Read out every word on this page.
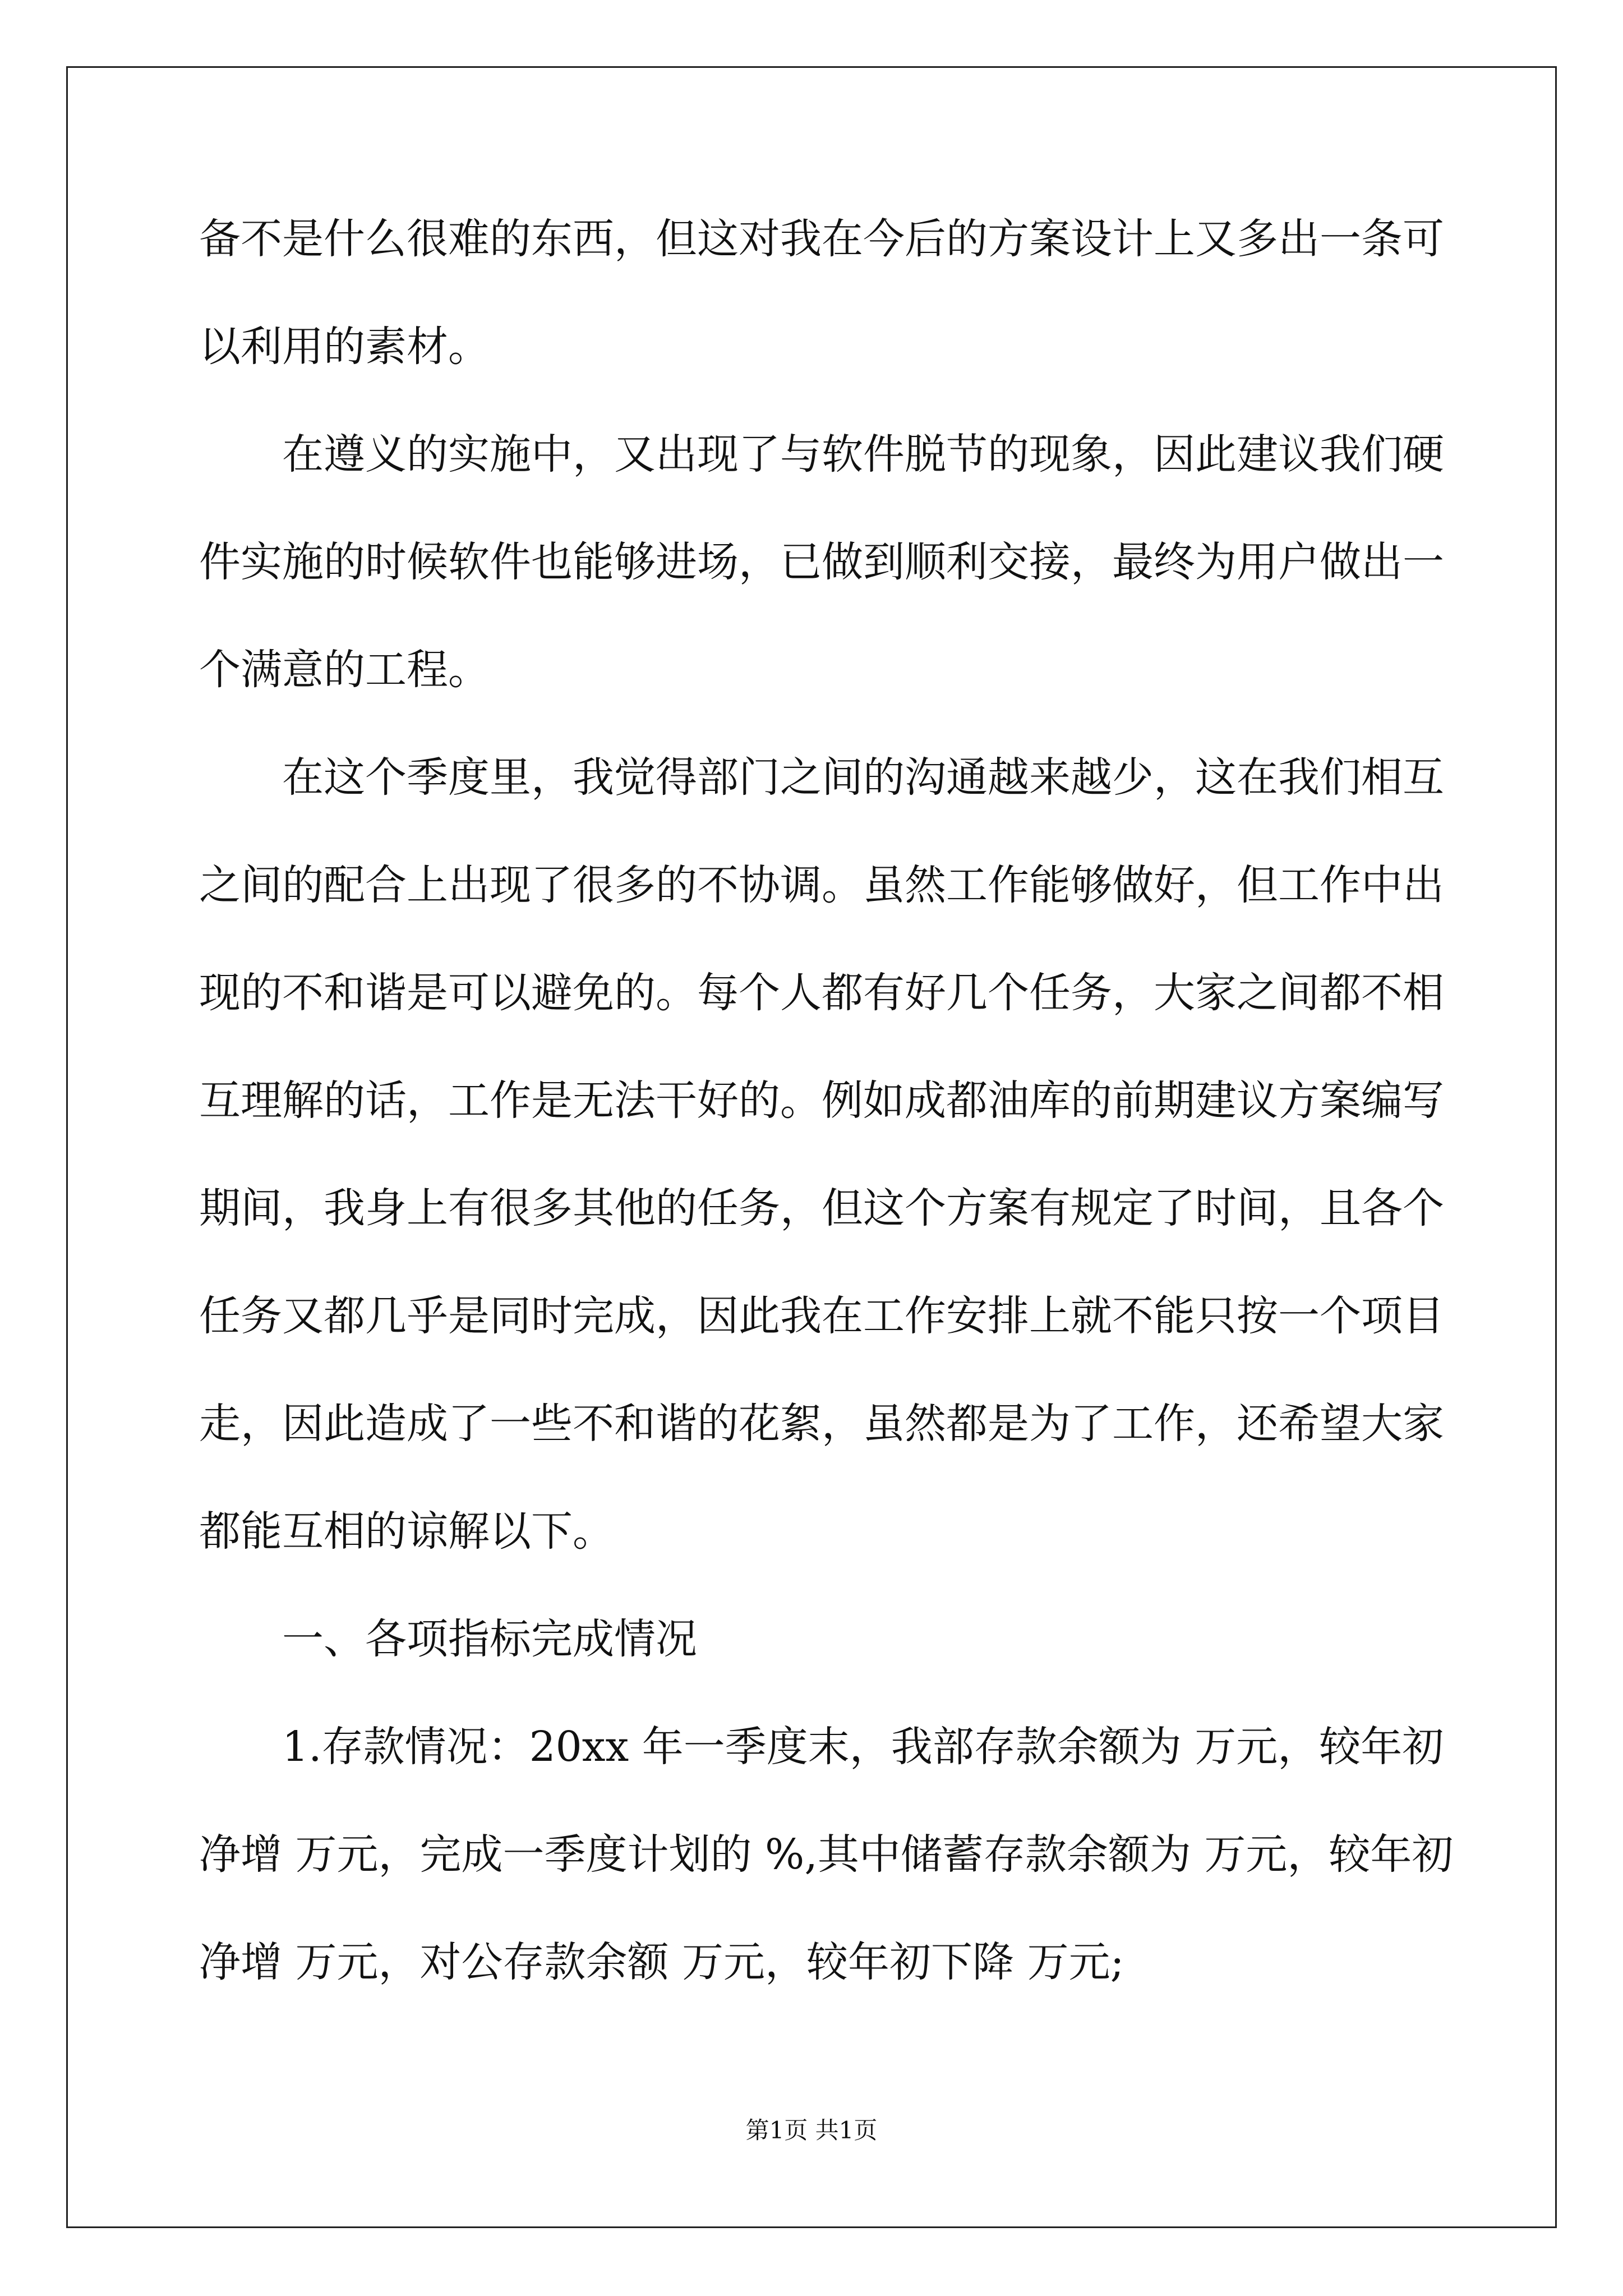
备不是什么很难的东西，但这对我在今后的方案设计上又多出一条可
以利用的素材。
在遵义的实施中，又出现了与软件脱节的现象，因此建议我们硬
件实施的时候软件也能够进场，已做到顺利交接，最终为用户做出一
个满意的工程。
在这个季度里，我觉得部门之间的沟通越来越少，这在我们相互
之间的配合上出现了很多的不协调。虽然工作能够做好，但工作中出
现的不和谐是可以避免的。每个人都有好几个任务，大家之间都不相
互理解的话，工作是无法干好的。例如成都油库的前期建议方案编写
期间，我身上有很多其他的任务，但这个方案有规定了时间，且各个
任务又都几乎是同时完成，因此我在工作安排上就不能只按一个项目
走，因此造成了一些不和谐的花絮，虽然都是为了工作，还希望大家
都能互相的谅解以下。
一、各项指标完成情况
1.存款情况：20xx 年一季度末，我部存款余额为 万元，较年初
净增 万元，完成一季度计划的 %,其中储蓄存款余额为 万元，较年初
净增 万元，对公存款余额 万元，较年初下降 万元;
第1页 共1页
